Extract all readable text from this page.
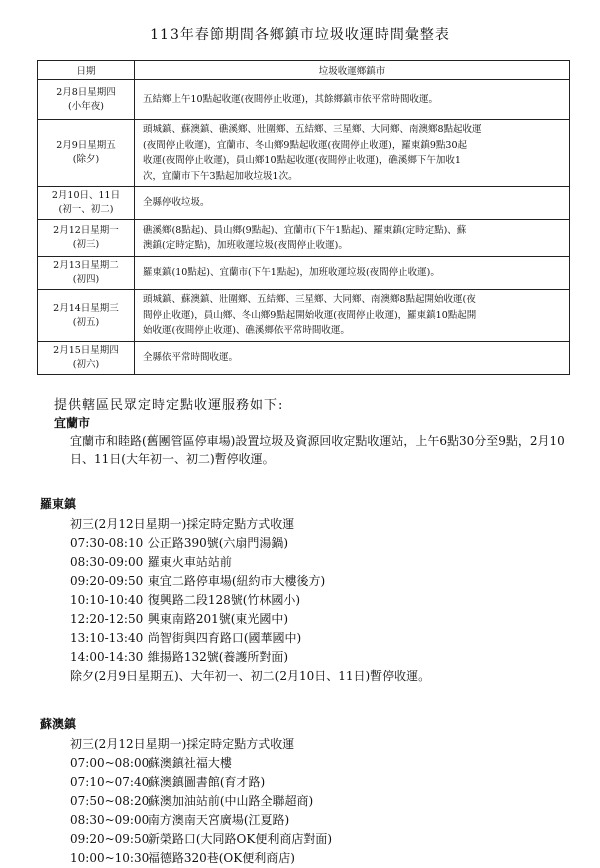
113年春節期間各鄉鎮市垃圾收運時間彙整表
日期	垃圾收運鄉鎮市

2月8日星期四
(小年夜)	五結鄉上午10點起收運(夜間停止收運)，其餘鄉鎮市依平常時間收運。

2月9日星期五
(除夕)	頭城鎮、蘇澳鎮、礁溪鄉、壯圍鄉、五結鄉、三星鄉、大同鄉、南澳鄉8點起收運
(夜間停止收運)，宜蘭市、冬山鄉9點起收運(夜間停止收運)，羅東鎮9點30起
收運(夜間停止收運)，員山鄉10點起收運(夜間停止收運)，礁溪鄉下午加收1
次，宜蘭市下午3點起加收垃圾1次。

2月10日、11日
(初一、初二)	全縣停收垃圾。

2月12日星期一
(初三)	礁溪鄉(8點起)、員山鄉(9點起)、宜蘭市(下午1點起)、羅東鎮(定時定點)、蘇
澳鎮(定時定點)，加班收運垃圾(夜間停止收運)。

2月13日星期二
(初四)	羅東鎮(10點起)、宜蘭市(下午1點起)，加班收運垃圾(夜間停止收運)。

2月14日星期三
(初五)	頭城鎮、蘇澳鎮、壯圍鄉、五結鄉、三星鄉、大同鄉、南澳鄉8點起開始收運(夜
間停止收運)，員山鄉、冬山鄉9點起開始收運(夜間停止收運)，羅東鎮10點起開
始收運(夜間停止收運)、礁溪鄉依平常時間收運。

2月15日星期四
(初六)	全縣依平常時間收運。
提供轄區民眾定時定點收運服務如下:
宜蘭市
宜蘭市和睦路(舊團管區停車場)設置垃圾及資源回收定點收運站，上午6點30分至9點，2月10日、11日(大年初一、初二)暫停收運。
羅東鎮
初三(2月12日星期一)採定時定點方式收運
07:30-08:10 公正路390號(六扇門湯鍋)
08:30-09:00 羅東火車站站前
09:20-09:50 東宜二路停車場(紐約市大樓後方)
10:10-10:40 復興路二段128號(竹林國小)
12:20-12:50 興東南路201號(東光國中)
13:10-13:40 尚智街與四育路口(國華國中)
14:00-14:30 維揚路132號(養護所對面)
除夕(2月9日星期五)、大年初一、初二(2月10日、11日)暫停收運。
蘇澳鎮
初三(2月12日星期一)採定時定點方式收運
07:00~08:00 蘇澳鎮社福大樓
07:10~07:40 蘇澳鎮圖書館(育才路)
07:50~08:20 蘇澳加油站前(中山路全聯超商)
08:30~09:00 南方澳南天宮廣場(江夏路)
09:20~09:50 新榮路口(大同路OK便利商店對面)
10:00~10:30 福德路320巷(OK便利商店)
